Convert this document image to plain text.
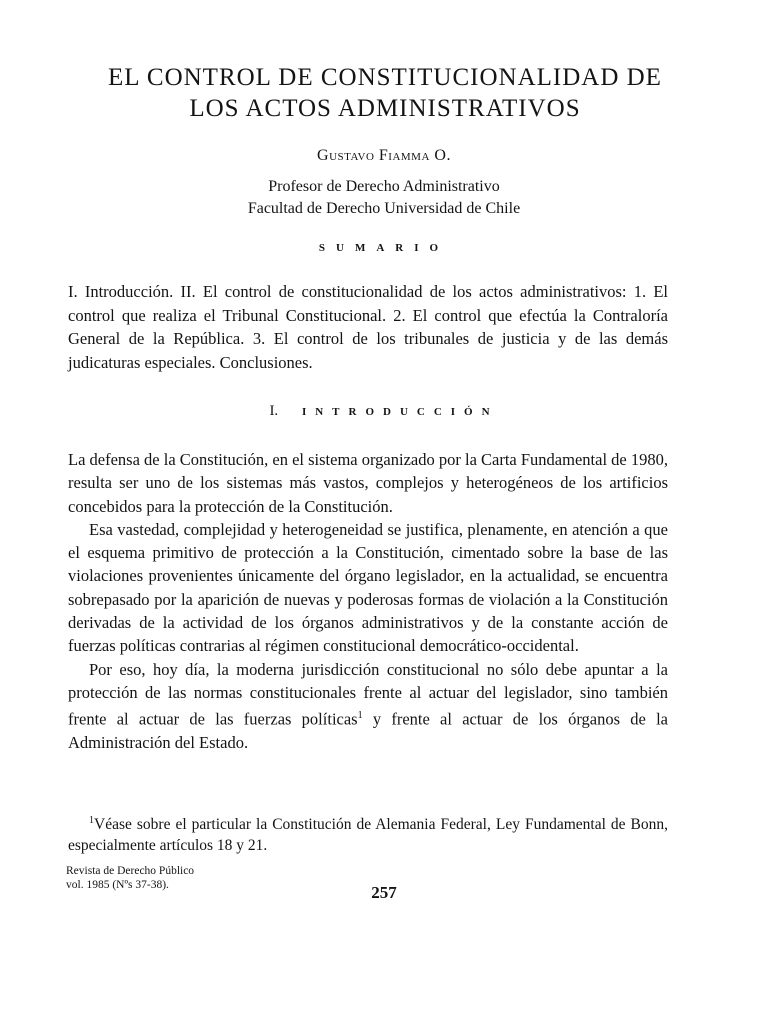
EL CONTROL DE CONSTITUCIONALIDAD DE
LOS ACTOS ADMINISTRATIVOS
Gustavo Fiamma O.
Profesor de Derecho Administrativo
Facultad de Derecho Universidad de Chile
SUMARIO

I. Introducción. II. El control de constitucionalidad de los actos administrativos: 1. El control que realiza el Tribunal Constitucional. 2. El control que efectúa la Contraloría General de la República. 3. El control de los tribunales de justicia y de las demás judicaturas especiales. Conclusiones.

I. INTRODUCCIÓN

La defensa de la Constitución, en el sistema organizado por la Carta Fundamental de 1980, resulta ser uno de los sistemas más vastos, complejos y heterogéneos de los artificios concebidos para la protección de la Constitución.

Esa vastedad, complejidad y heterogeneidad se justifica, plenamente, en atención a que el esquema primitivo de protección a la Constitución, cimentado sobre la base de las violaciones provenientes únicamente del órgano legislador, en la actualidad, se encuentra sobrepasado por la aparición de nuevas y poderosas formas de violación a la Constitución derivadas de la actividad de los órganos administrativos y de la constante acción de fuerzas políticas contrarias al régimen constitucional democrático-occidental.

Por eso, hoy día, la moderna jurisdicción constitucional no sólo debe apuntar a la protección de las normas constitucionales frente al actuar del legislador, sino también frente al actuar de las fuerzas políticas$^1$ y frente al actuar de los órganos de la Administración del Estado.

$^1$Véase sobre el particular la Constitución de Alemania Federal, Ley Fundamental de Bonn, especialmente artículos 18 y 21.

Revista de Derecho Público
vol. 1985 (Nºs 37-38).	257
